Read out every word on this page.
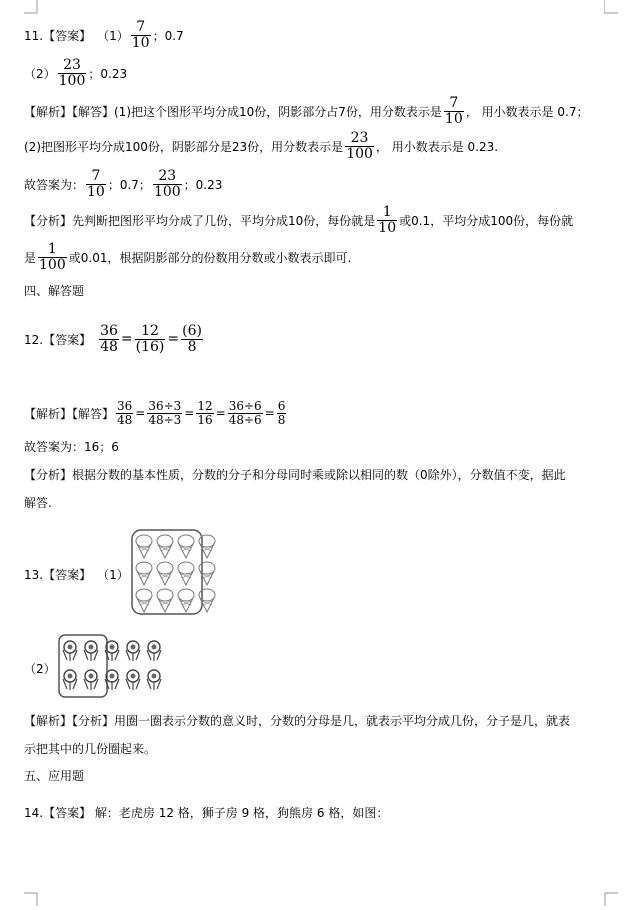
11.【答案】 $(1) \frac{7}{10}$ ；0.7
$(2) \frac{23}{100}$ ；0.23
【解析】【解答】(1)把这个图形平均分成10份，阴影部分占7份，用分数表示是 $\frac{7}{10}$ ， 用小数表示是 0.7；
(2)把图形平均分成100份，阴影部分是23份，用分数表示是 $\frac{23}{100}$ ， 用小数表示是 0.23.
故答案为： $\frac{7}{10}$ ；0.7； $\frac{23}{100}$ ；0.23
【分析】先判断把图形平均分成了几份，平均分成10份，每份就是 $\frac{1}{10}$ 或0.1，平均分成100份，每份就
是 $\frac{1}{100}$ 或0.01，根据阴影部分的份数用分数或小数表示即可.
四、解答题
12.【答案】 $\frac{36}{48} = \frac{12}{(16)} = \frac{(6)}{8}$
【解析】【解答】 $\frac{36}{48} = \frac{36\div 3}{48\div 3} = \frac{12}{16} = \frac{36\div 6}{48\div 6} = \frac{6}{8}$
故答案为：16；6
【分析】根据分数的基本性质，分数的分子和分母同时乘或除以相同的数（0除外），分数值不变，据此
解答.
13.【答案】 （1）
（2）
【解析】【分析】用圈一圈表示分数的意义时，分数的分母是几，就表示平均分成几份，分子是几，就表
示把其中的几份圈起来。
五、应用题
14.【答案】 解：老虎房 12 格，狮子房 9 格，狗熊房 6 格，如图：
